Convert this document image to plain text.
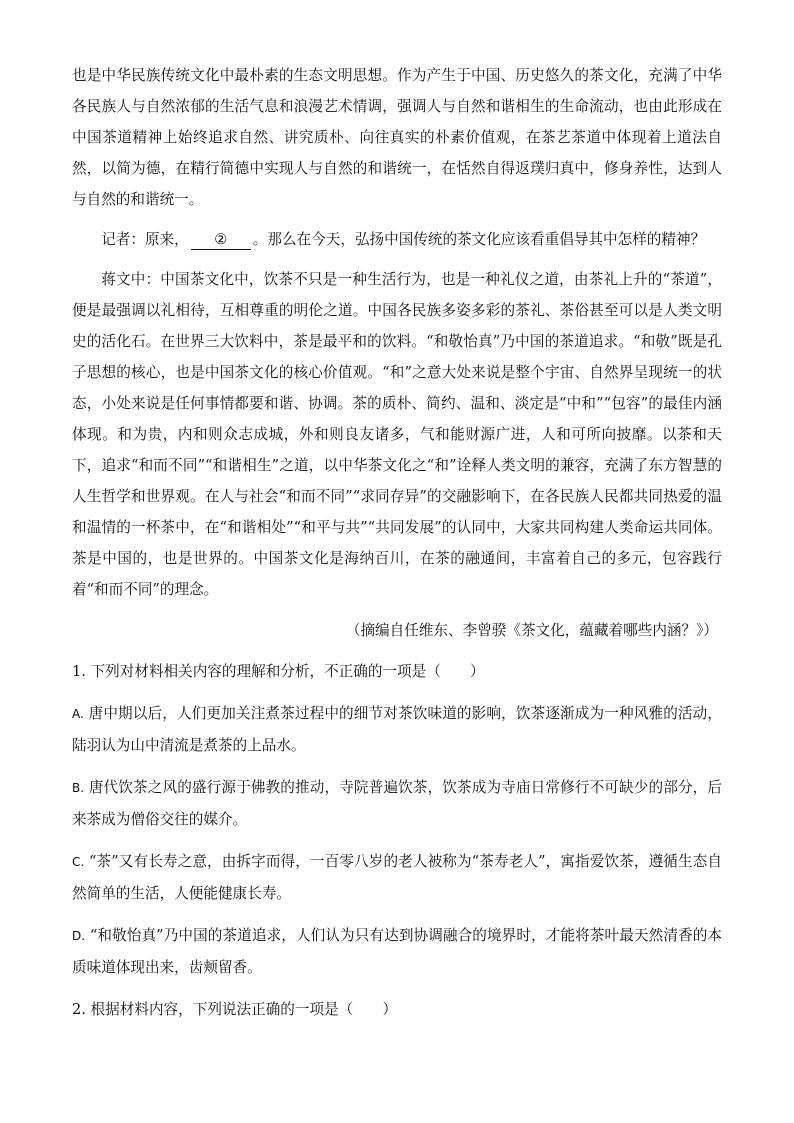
也是中华民族传统文化中最朴素的生态文明思想。作为产生于中国、历史悠久的茶文化，充满了中华各民族人与自然浓郁的生活气息和浪漫艺术情调，强调人与自然和谐相生的生命流动，也由此形成在中国茶道精神上始终追求自然、讲究质朴、向往真实的朴素价值观，在茶艺茶道中体现着上道法自然，以简为德，在精行简德中实现人与自然的和谐统一，在恬然自得返璞归真中，修身养性，达到人与自然的和谐统一。

记者：原来， ② 。那么在今天，弘扬中国传统的茶文化应该看重倡导其中怎样的精神？

蒋文中：中国茶文化中，饮茶不只是一种生活行为，也是一种礼仪之道，由茶礼上升的“茶道”，便是最强调以礼相待，互相尊重的明伦之道。中国各民族多姿多彩的茶礼、茶俗甚至可以是人类文明史的活化石。在世界三大饮料中，茶是最平和的饮料。“和敬怡真”乃中国的茶道追求。“和敬”既是孔子思想的核心，也是中国茶文化的核心价值观。“和”之意大处来说是整个宇宙、自然界呈现统一的状态，小处来说是任何事情都要和谐、协调。茶的质朴、简约、温和、淡定是“中和”“包容”的最佳内涵体现。和为贵，内和则众志成城，外和则良友诸多，气和能财源广进，人和可所向披靡。以茶和天下，追求“和而不同”“和谐相生”之道，以中华茶文化之“和”诠释人类文明的兼容，充满了东方智慧的人生哲学和世界观。在人与社会“和而不同”“求同存异”的交融影响下，在各民族人民都共同热爱的温和温情的一杯茶中，在“和谐相处”“和平与共”“共同发展”的认同中，大家共同构建人类命运共同体。茶是中国的，也是世界的。中国茶文化是海纳百川，在茶的融通间，丰富着自己的多元，包容践行着“和而不同”的理念。

（摘编自任维东、李曾骙《茶文化，蕴藏着哪些内涵？》）

1. 下列对材料相关内容的理解和分析，不正确的一项是（　　）

A. 唐中期以后，人们更加关注煮茶过程中的细节对茶饮味道的影响，饮茶逐渐成为一种风雅的活动，陆羽认为山中清流是煮茶的上品水。

B. 唐代饮茶之风的盛行源于佛教的推动，寺院普遍饮茶，饮茶成为寺庙日常修行不可缺少的部分，后来茶成为僧俗交往的媒介。

C. “茶”又有长寿之意，由拆字而得，一百零八岁的老人被称为“茶寿老人”，寓指爱饮茶，遵循生态自然简单的生活，人便能健康长寿。

D. “和敬怡真”乃中国的茶道追求，人们认为只有达到协调融合的境界时，才能将茶叶最天然清香的本质味道体现出来，齿颊留香。

2. 根据材料内容，下列说法正确的一项是（　　）
